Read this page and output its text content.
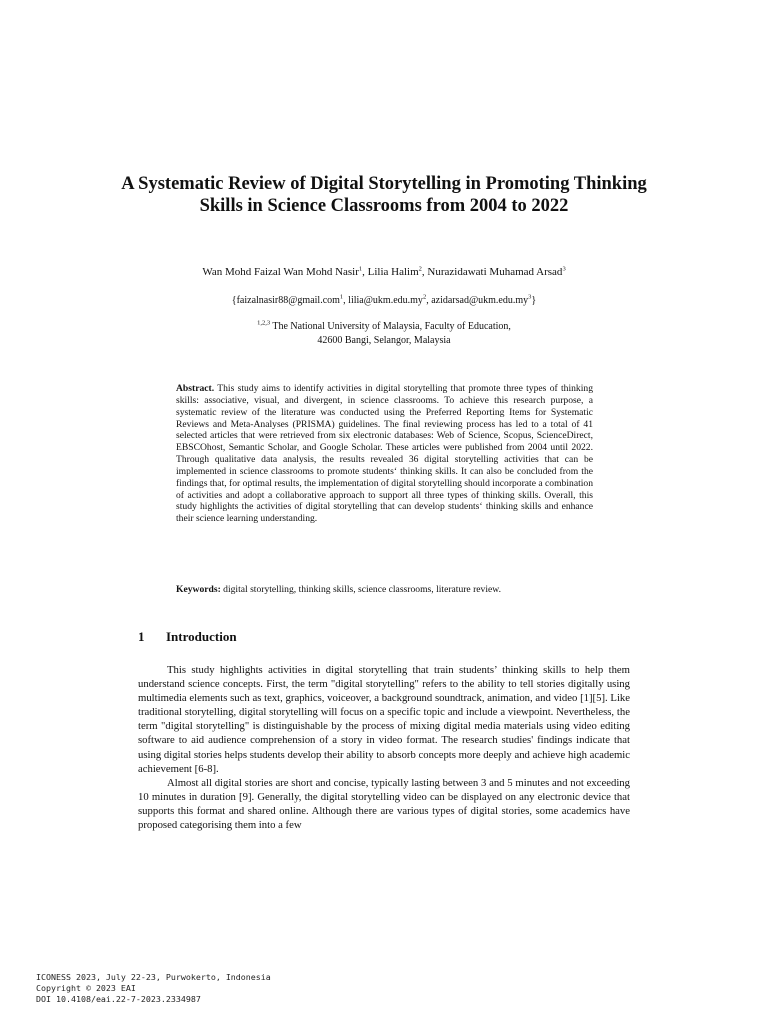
A Systematic Review of Digital Storytelling in Promoting Thinking Skills in Science Classrooms from 2004 to 2022
Wan Mohd Faizal Wan Mohd Nasir$^1$, Lilia Halim$^2$, Nurazidawati Muhamad Arsad$^3$
{faizalnasir88@gmail.com$^1$, $lilia@ukm.edu.my^2$, $azidarsad@ukm.edu.my^3$}
$^{1,2,3}$ The National University of Malaysia, Faculty of Education,
42600 Bangi, Selangor, Malaysia

Abstract. This study aims to identify activities in digital storytelling that promote three types of thinking skills: associative, visual, and divergent, in science classrooms. To achieve this research purpose, a systematic review of the literature was conducted using the Preferred Reporting Items for Systematic Reviews and Meta-Analyses (PRISMA) guidelines. The final reviewing process has led to a total of 41 selected articles that were retrieved from six electronic databases: Web of Science, Scopus, ScienceDirect, EBSCOhost, Semantic Scholar, and Google Scholar. These articles were published from 2004 until 2022. Through qualitative data analysis, the results revealed 36 digital storytelling activities that can be implemented in science classrooms to promote students‘ thinking skills. It can also be concluded from the findings that, for optimal results, the implementation of digital storytelling should incorporate a combination of activities and adopt a collaborative approach to support all three types of thinking skills. Overall, this study highlights the activities of digital storytelling that can develop students‘ thinking skills and enhance their science learning understanding.

Keywords: digital storytelling, thinking skills, science classrooms, literature review.

1 Introduction

This study highlights activities in digital storytelling that train students’ thinking skills to help them understand science concepts. First, the term "digital storytelling" refers to the ability to tell stories digitally using multimedia elements such as text, graphics, voiceover, a background soundtrack, animation, and video [1][5]. Like traditional storytelling, digital storytelling will focus on a specific topic and include a viewpoint. Nevertheless, the term "digital storytelling" is distinguishable by the process of mixing digital media materials using video editing software to aid audience comprehension of a story in video format. The research studies' findings indicate that using digital stories helps students develop their ability to absorb concepts more deeply and achieve high academic achievement [6-8].

Almost all digital stories are short and concise, typically lasting between 3 and 5 minutes and not exceeding 10 minutes in duration [9]. Generally, the digital storytelling video can be displayed on any electronic device that supports this format and shared online. Although there are various types of digital stories, some academics have proposed categorising them into a few

ICONESS 2023, July 22-23, Purwokerto, Indonesia
Copyright © 2023 EAI
DOI 10.4108/eai.22-7-2023.2334987
